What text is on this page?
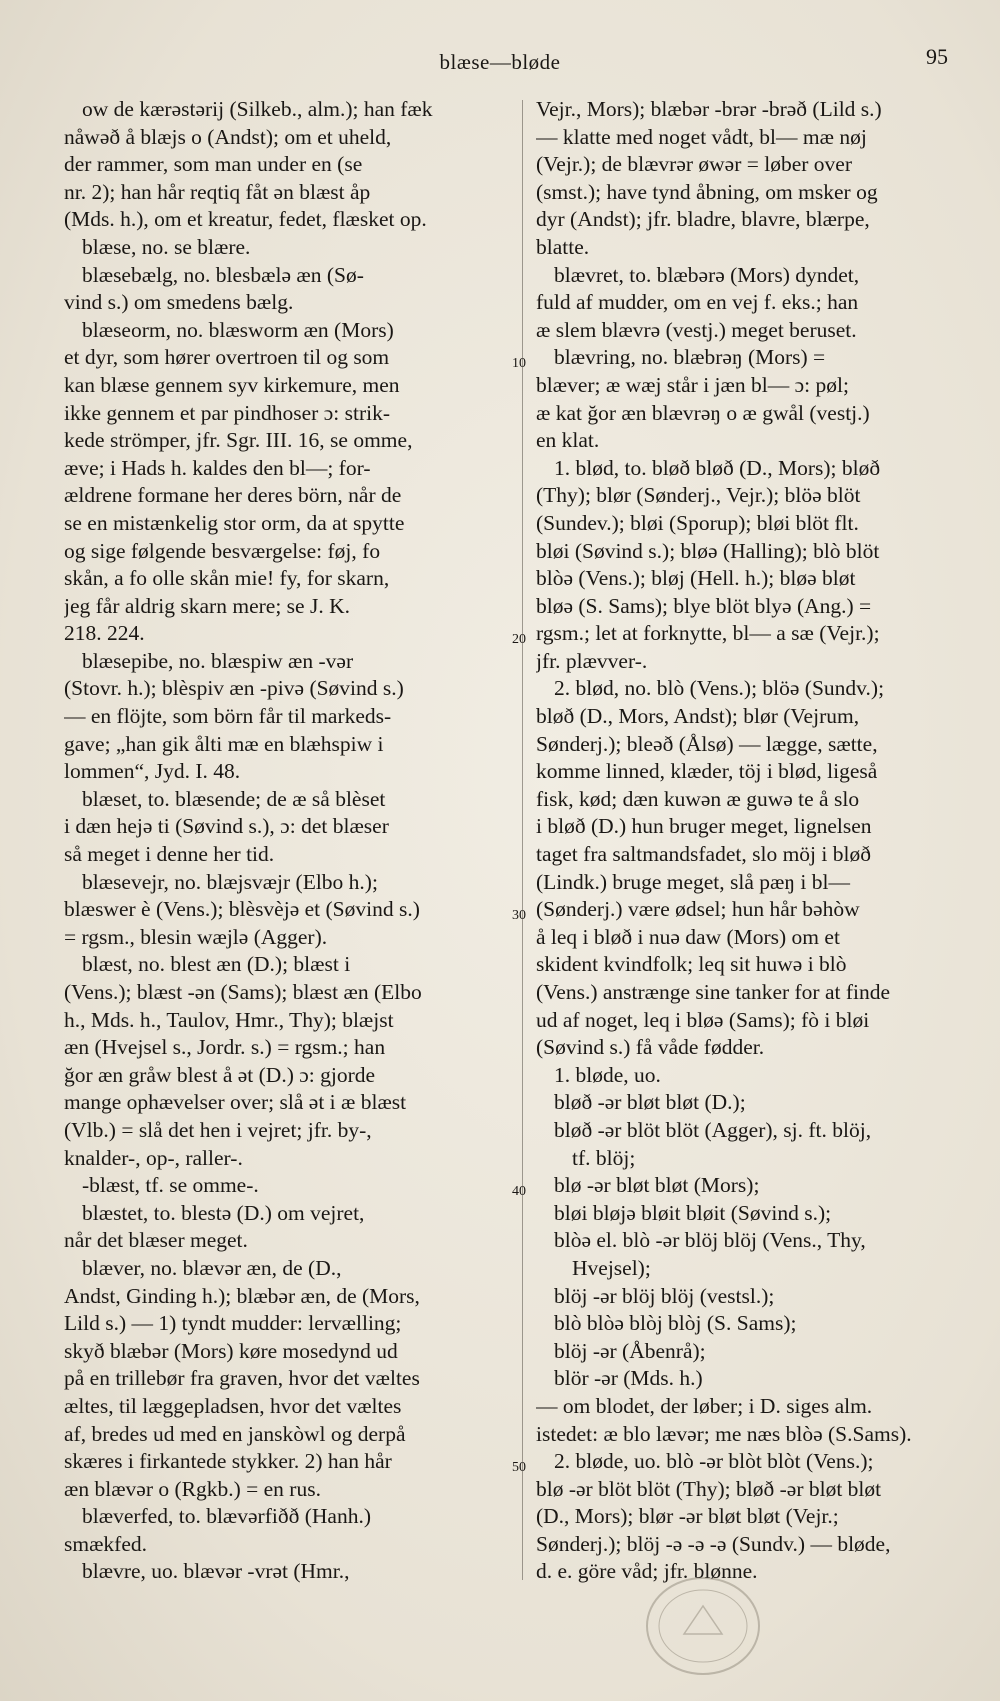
blæse—bløde	95
ow de kærəstərij (Silkeb., alm.); han fæk
nåwəð å blæjs o (Andst); om et uheld,
der rammer, som man under en (se
nr. 2); han hår reqtiq fåt ən blæst åp
(Mds. h.), om et kreatur, fedet, flæsket op.
blæse, no. se blære.
blæsebælg, no. blesbælə æn (Sø-
vind s.) om smedens bælg.
blæseorm, no. blæsworm æn (Mors)
et dyr, som hører overtroen til og som
kan blæse gennem syv kirkemure, men
ikke gennem et par pindhoser ɔ: strik-
kede strömper, jfr. Sgr. III. 16, se omme,
æve; i Hads h. kaldes den bl—; for-
ældrene formane her deres börn, når de
se en mistænkelig stor orm, da at spytte
og sige følgende besværgelse: føj, fo
skån, a fo olle skån mie! fy, for skarn,
jeg får aldrig skarn mere; se J. K.
218. 224.
blæsepibe, no. blæspiw æn -vər
(Stovr. h.); blèspiv æn -pivə (Søvind s.)
— en flöjte, som börn får til markeds-
gave; „han gik ålti mæ en blæhspiw i
lommen“, Jyd. I. 48.
blæset, to. blæsende; de æ så blèset
i dæn hejə ti (Søvind s.), ɔ: det blæser
så meget i denne her tid.
blæsevejr, no. blæjsvæjr (Elbo h.);
blæswer è (Vens.); blèsvèjə et (Søvind s.)
= rgsm., blesin wæjlə (Agger).
blæst, no. blest æn (D.); blæst i
(Vens.); blæst -ən (Sams); blæst æn (Elbo
h., Mds. h., Taulov, Hmr., Thy); blæjst
æn (Hvejsel s., Jordr. s.) = rgsm.; han
ğor æn gråw blest å ət (D.) ɔ: gjorde
mange ophævelser over; slå ət i æ blæst
(Vlb.) = slå det hen i vejret; jfr. by-,
knalder-, op-, raller-.
-blæst, tf. se omme-.
blæstet, to. blestə (D.) om vejret,
når det blæser meget.
blæver, no. blævər æn, de (D.,
Andst, Ginding h.); blæbər æn, de (Mors,
Lild s.) — 1) tyndt mudder: lervælling;
skyð blæbər (Mors) køre mosedynd ud
på en trillebør fra graven, hvor det væltes
æltes, til læggepladsen, hvor det væltes
af, bredes ud med en janskòwl og derpå
skæres i firkantede stykker. 2) han hår
æn blævər o (Rgkb.) = en rus.
blæverfed, to. blævərfiðð (Hanh.)
smækfed.
blævre, uo. blævər -vrət (Hmr.,
10
20
30
40
50
Vejr., Mors); blæbər -brər -brəð (Lild s.)
— klatte med noget vådt, bl— mæ nøj
(Vejr.); de blævrər øwər = løber over
(smst.); have tynd åbning, om msker og
dyr (Andst); jfr. bladre, blavre, blærpe,
blatte.
blævret, to. blæbərə (Mors) dyndet,
fuld af mudder, om en vej f. eks.; han
æ slem blævrə (vestj.) meget beruset.
blævring, no. blæbrəŋ (Mors) =
blæver; æ wæj står i jæn bl— ɔ: pøl;
æ kat ğor æn blævrəŋ o æ gwål (vestj.)
en klat.
1. blød, to. bløð bløð (D., Mors); bløð
(Thy); blør (Sønderj., Vejr.); blöə blöt
(Sundev.); bløi (Sporup); bløi blöt flt.
bløi (Søvind s.); bløə (Halling); blò blöt
blòə (Vens.); bløj (Hell. h.); bløə bløt
bløə (S. Sams); blye blöt blyə (Ang.) =
rgsm.; let at forknytte, bl— a sæ (Vejr.);
jfr. plævver-.
2. blød, no. blò (Vens.); blöə (Sundv.);
bløð (D., Mors, Andst); blør (Vejrum,
Sønderj.); bleəð (Ålsø) — lægge, sætte,
komme linned, klæder, töj i blød, ligeså
fisk, kød; dæn kuwən æ guwə te å slo
i bløð (D.) hun bruger meget, lignelsen
taget fra saltmandsfadet, slo möj i bløð
(Lindk.) bruge meget, slå pæŋ i bl—
(Sønderj.) være ødsel; hun hår bəhòw
å leq i bløð i nuə daw (Mors) om et
skident kvindfolk; leq sit huwə i blò
(Vens.) anstrænge sine tanker for at finde
ud af noget, leq i bløə (Sams); fò i bløi
(Søvind s.) få våde fødder.
1. bløde, uo.
bløð -ər bløt bløt (D.);
bløð -ər blöt blöt (Agger), sj. ft. blöj,
tf. blöj;
blø -ər bløt bløt (Mors);
bløi bløjə bløit bløit (Søvind s.);
blòə el. blò -ər blöj blöj (Vens., Thy,
Hvejsel);
blöj -ər blöj blöj (vestsl.);
blò blòə blòj blòj (S. Sams);
blöj -ər (Åbenrå);
blör -ər (Mds. h.)
— om blodet, der løber; i D. siges alm.
istedet: æ blo lævər; me næs blòə (S.Sams).
2. bløde, uo. blò -ər blòt blòt (Vens.);
blø -ər blöt blöt (Thy); bløð -ər bløt bløt
(D., Mors); blør -ər bløt bløt (Vejr.;
Sønderj.); blöj -ə -ə -ə (Sundv.) — bløde,
d. e. göre våd; jfr. blønne.
